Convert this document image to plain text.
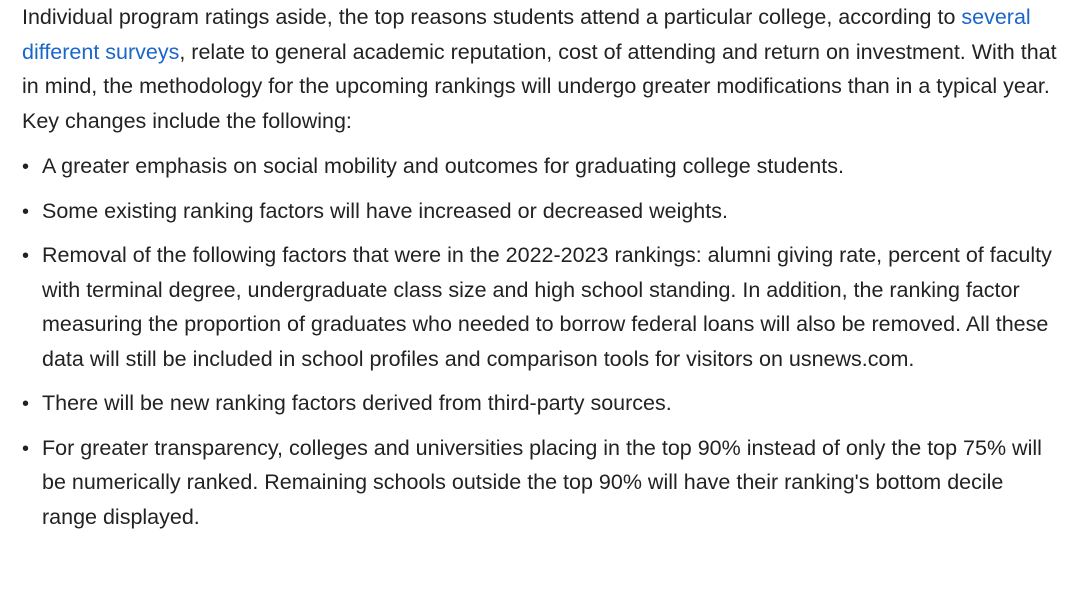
Individual program ratings aside, the top reasons students attend a particular college, according to several different surveys, relate to general academic reputation, cost of attending and return on investment. With that in mind, the methodology for the upcoming rankings will undergo greater modifications than in a typical year. Key changes include the following:

•
A greater emphasis on social mobility and outcomes for graduating college students.
•
Some existing ranking factors will have increased or decreased weights.
•
Removal of the following factors that were in the 2022-2023 rankings: alumni giving rate, percent of faculty with terminal degree, undergraduate class size and high school standing. In addition, the ranking factor measuring the proportion of graduates who needed to borrow federal loans will also be removed. All these data will still be included in school profiles and comparison tools for visitors on usnews.com.
•
There will be new ranking factors derived from third-party sources.
•
For greater transparency, colleges and universities placing in the top 90% instead of only the top 75% will be numerically ranked. Remaining schools outside the top 90% will have their ranking's bottom decile range displayed.
